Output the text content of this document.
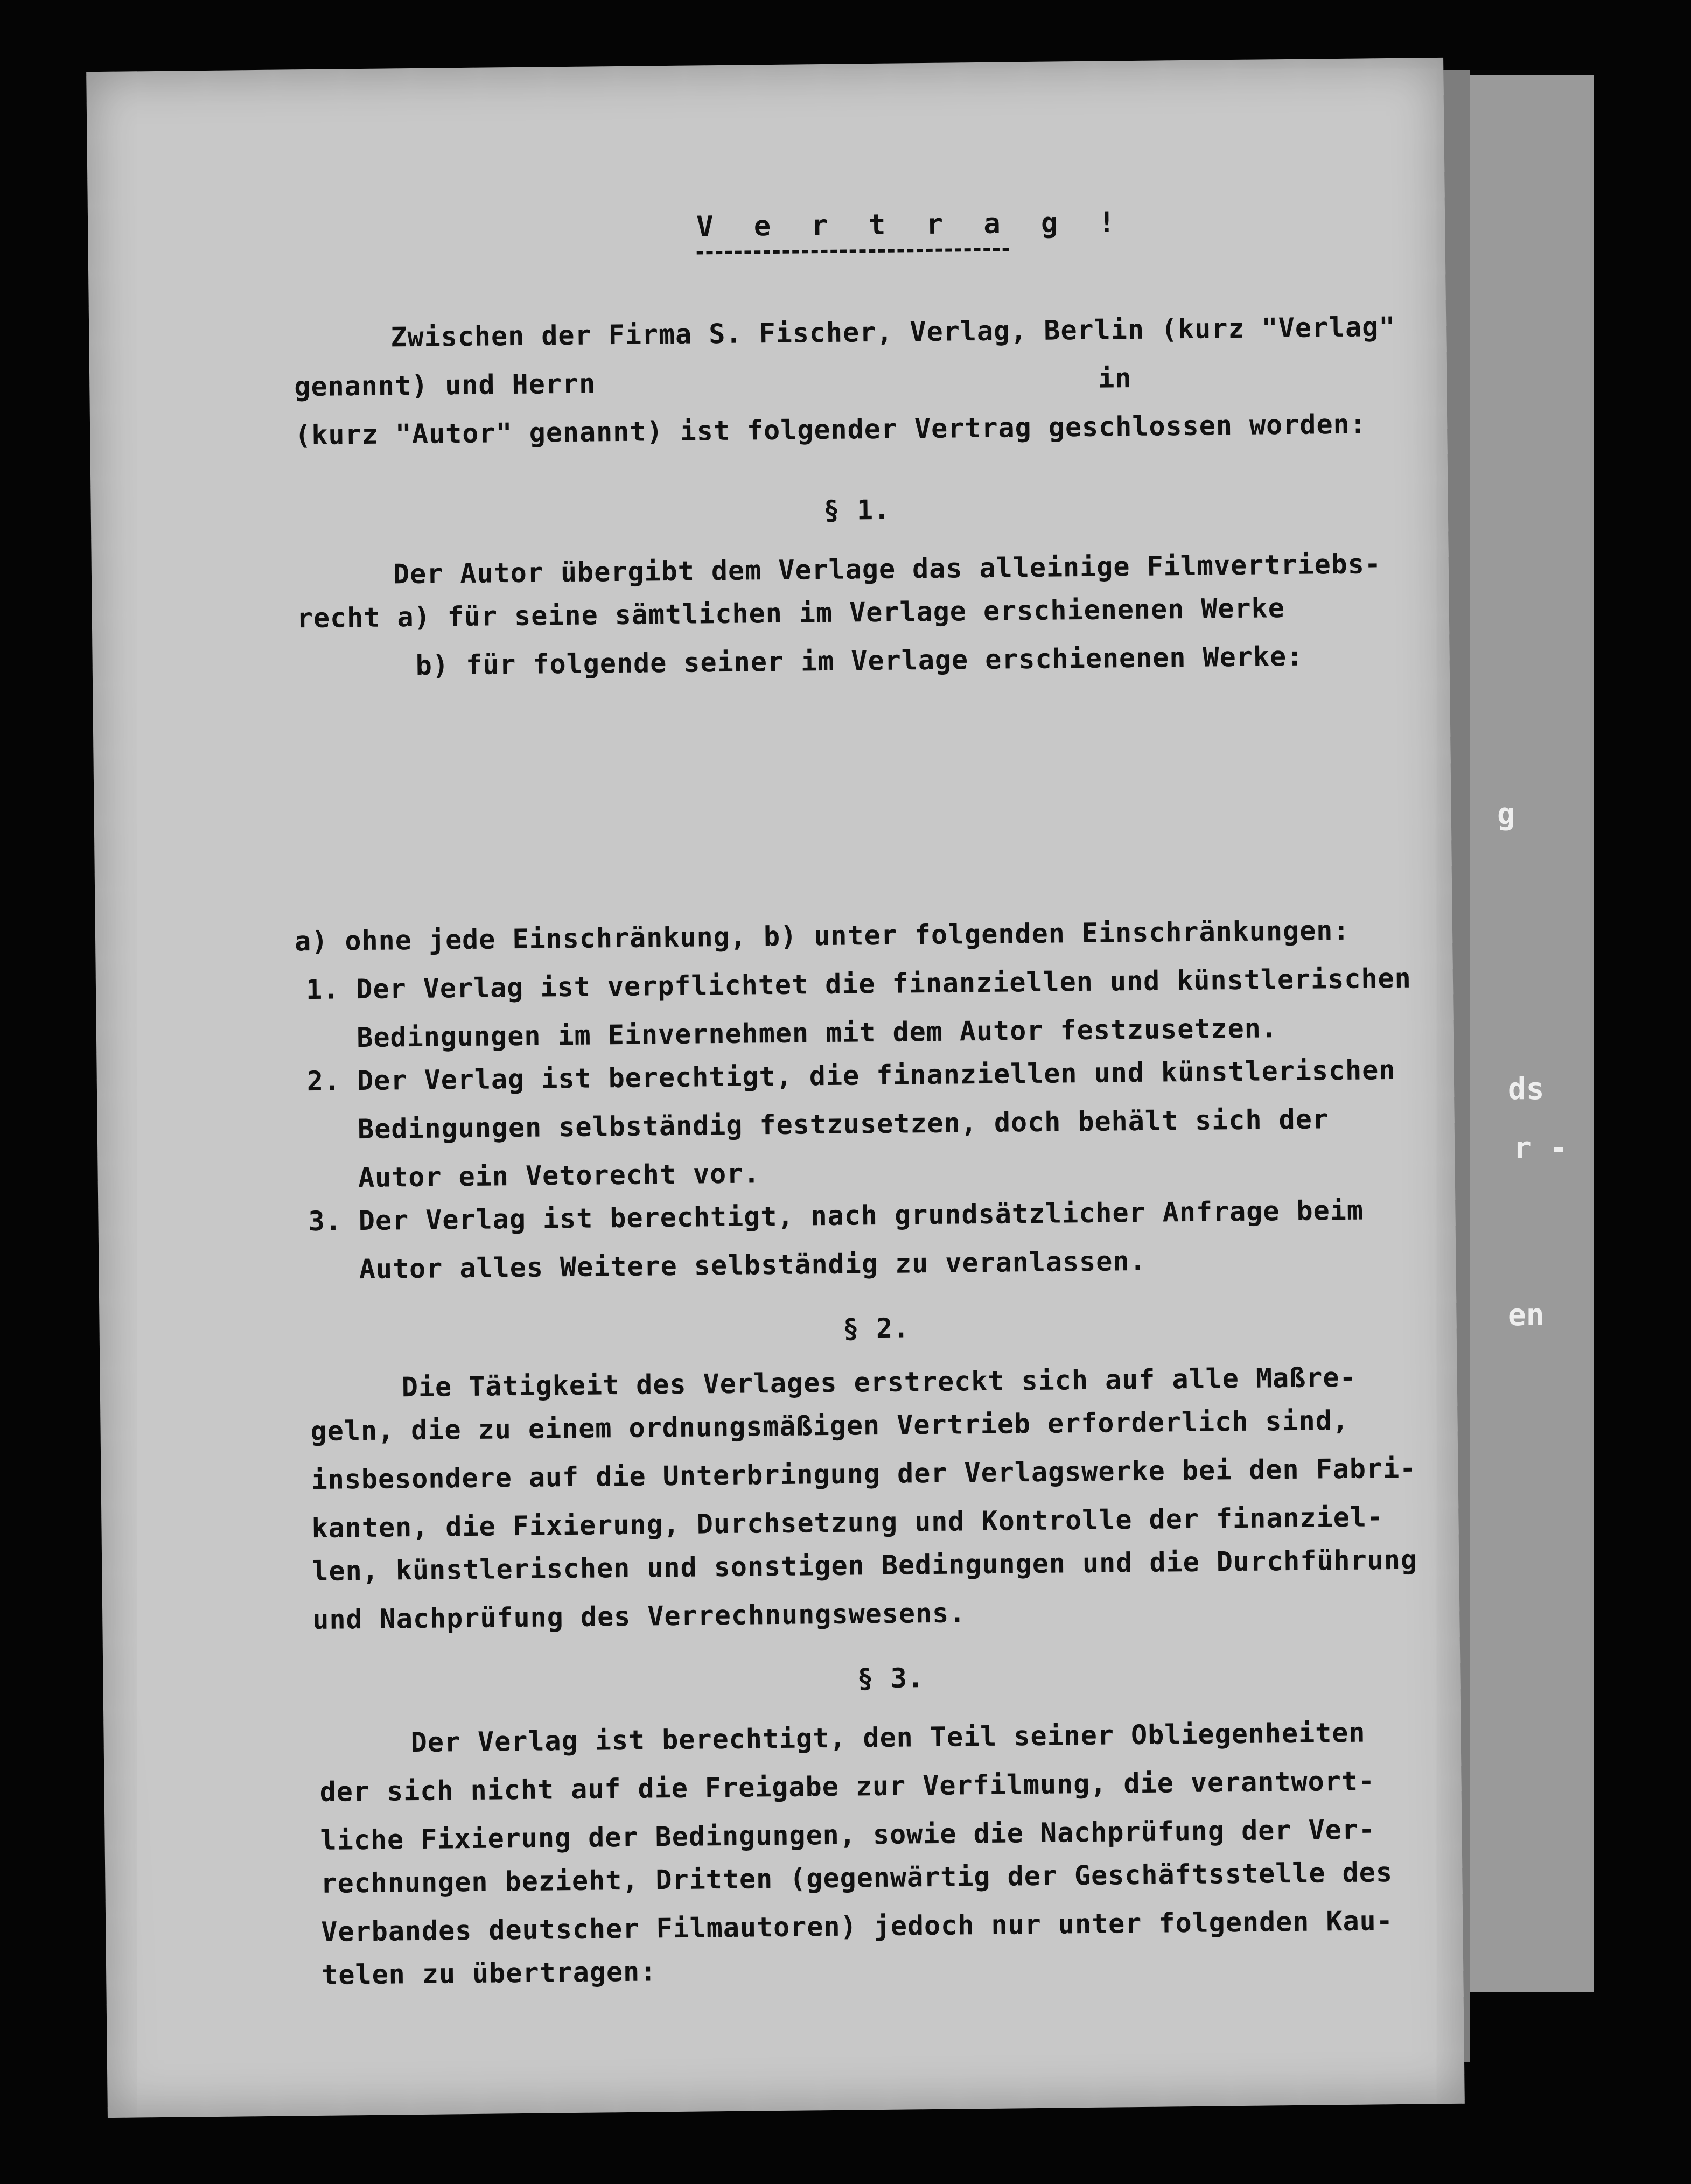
g

ds

r -

en

V e r t r a g !
Zwischen der Firma S. Fischer, Verlag, Berlin (kurz "Verlag"
genannt) und Herrn                              in
(kurz "Autor" genannt) ist folgender Vertrag geschlossen worden:
§ 1.
Der Autor übergibt dem Verlage das alleinige Filmvertriebs-
recht a) für seine sämtlichen im Verlage erschienenen Werke
b) für folgende seiner im Verlage erschienenen Werke:
a) ohne jede Einschränkung, b) unter folgenden Einschränkungen:
1. Der Verlag ist verpflichtet die finanziellen und künstlerischen
Bedingungen im Einvernehmen mit dem Autor festzusetzen.
2. Der Verlag ist berechtigt, die finanziellen und künstlerischen
Bedingungen selbständig festzusetzen, doch behält sich der
Autor ein Vetorecht vor.
3. Der Verlag ist berechtigt, nach grundsätzlicher Anfrage beim
Autor alles Weitere selbständig zu veranlassen.
§ 2.
Die Tätigkeit des Verlages erstreckt sich auf alle Maßre-
geln, die zu einem ordnungsmäßigen Vertrieb erforderlich sind,
insbesondere auf die Unterbringung der Verlagswerke bei den Fabri-
kanten, die Fixierung, Durchsetzung und Kontrolle der finanziel-
len, künstlerischen und sonstigen Bedingungen und die Durchführung
und Nachprüfung des Verrechnungswesens.
§ 3.
Der Verlag ist berechtigt, den Teil seiner Obliegenheiten
der sich nicht auf die Freigabe zur Verfilmung, die verantwort-
liche Fixierung der Bedingungen, sowie die Nachprüfung der Ver-
rechnungen bezieht, Dritten (gegenwärtig der Geschäftsstelle des
Verbandes deutscher Filmautoren) jedoch nur unter folgenden Kau-
telen zu übertragen:
